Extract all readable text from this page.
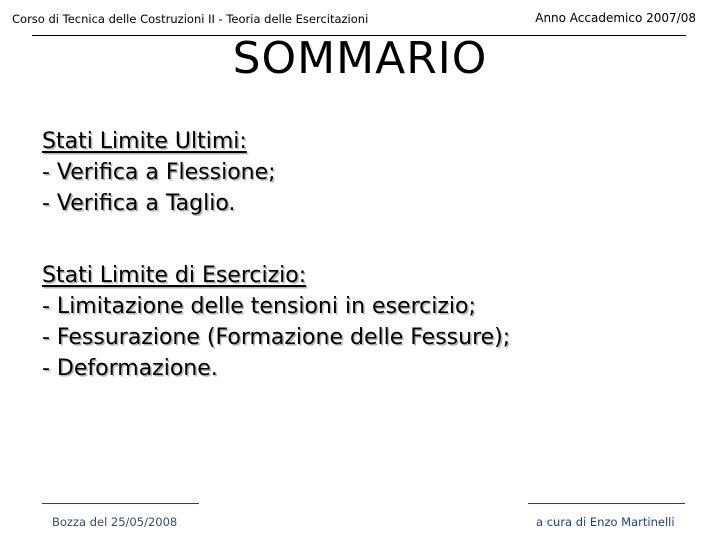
Corso di Tecnica delle Costruzioni II - Teoria delle Esercitazioni	Anno Accademico 2007/08
SOMMARIO
Stati Limite Ultimi:
- Verifica a Flessione;
- Verifica a Taglio.
Stati Limite di Esercizio:
- Limitazione delle tensioni in esercizio;
- Fessurazione (Formazione delle Fessure);
- Deformazione.
Bozza del 25/05/2008	a cura di Enzo Martinelli
